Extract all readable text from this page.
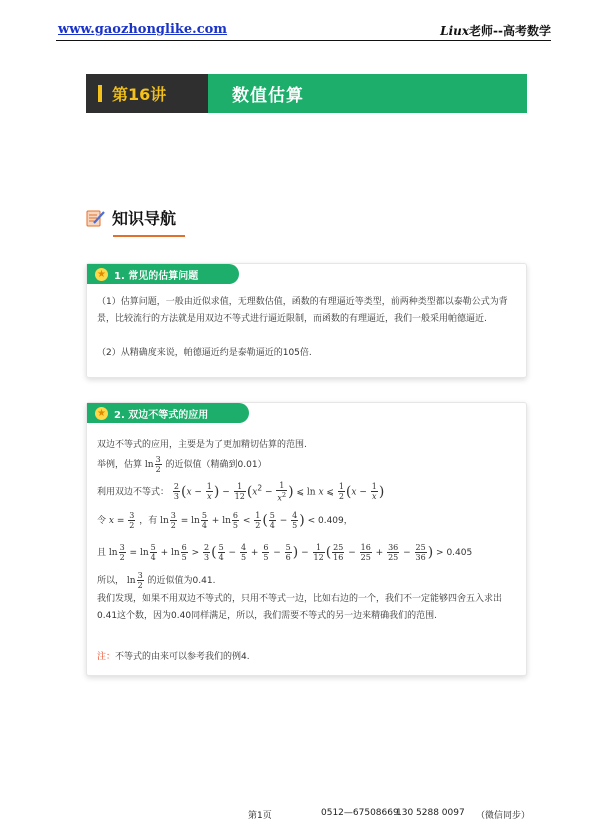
www.gaozhonglike.com	Liux老师--高考数学
第16讲	数值估算
知识导航
★ 1. 常见的估算问题
（1）估算问题，一般由近似求值，无理数估值，函数的有理逼近等类型，前两种类型都以泰勒公式为背景，比较流行的方法就是用双边不等式进行逼近限制，而函数的有理逼近，我们一般采用帕德逼近.
（2）从精确度来说，帕德逼近约是泰勒逼近的105倍.
★ 2. 双边不等式的应用
双边不等式的应用，主要是为了更加精切估算的范围.
举例，估算 $\ln \frac{3}{2}$ 的近似值（精确到0.01）
利用双边不等式： $\frac{2}{3} (x - \frac{1}{x}$ ) − $\frac{1}{12} (x^2 - \frac{1}{x^2}$ ) ⩽ ln x ⩽ $\frac{1}{2} (x - \frac{1}{x}$ )
令 $x = \frac{3}{2}$ ，有 $\ln \frac{3}{2} = \ln \frac{5}{4} + \ln \frac{6}{5} < \frac{1}{2}$ ( $\frac{5}{4} - \frac{4}{5}$ ) < 0.409，
且 $\ln \frac{3}{2} = \ln \frac{5}{4} + \ln \frac{6}{5} > \frac{2}{3}$ ( $\frac{5}{4} - \frac{4}{5} + \frac{6}{5} - \frac{5}{6}$ ) − $\frac{1}{12}$ ( $\frac{25}{16} - \frac{16}{25} + \frac{36}{25} - \frac{25}{36}$ ) > 0.405
所以， $\ln \frac{3}{2}$ 的近似值为0.41.
我们发现，如果不用双边不等式的，只用不等式一边，比如右边的一个，我们不一定能够四舍五入求出0.41这个数，因为0.40同样满足，所以，我们需要不等式的另一边来精确我们的范围.
注：不等式的由来可以参考我们的例4.
第1页	0512—67508669
130 5288 0097 （微信同步）
